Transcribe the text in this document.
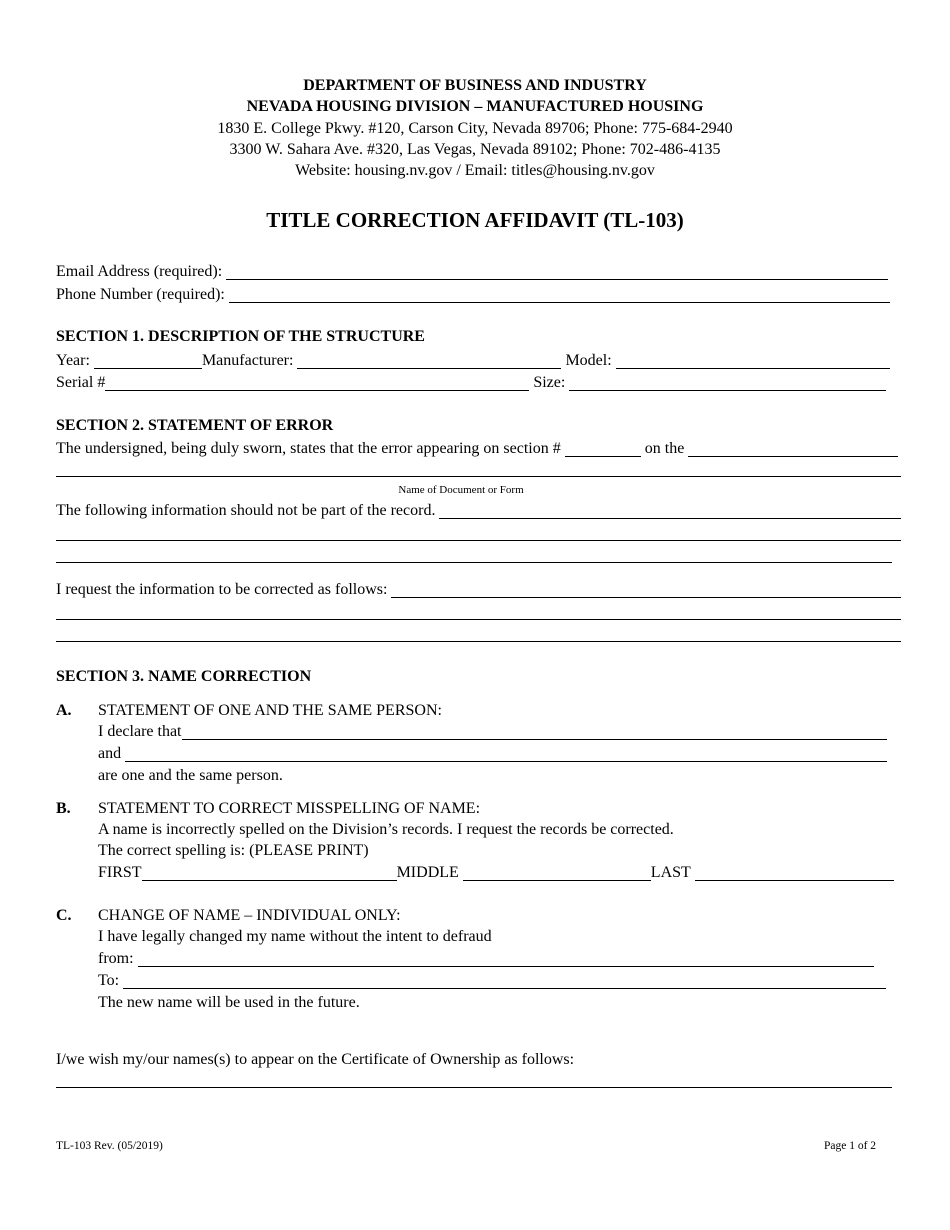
DEPARTMENT OF BUSINESS AND INDUSTRY
NEVADA HOUSING DIVISION – MANUFACTURED HOUSING
1830 E. College Pkwy. #120, Carson City, Nevada 89706; Phone: 775-684-2940
3300 W. Sahara Ave. #320, Las Vegas, Nevada 89102; Phone: 702-486-4135
Website: housing.nv.gov / Email: titles@housing.nv.gov
TITLE CORRECTION AFFIDAVIT (TL-103)
Email Address (required):
Phone Number (required):
SECTION 1. DESCRIPTION OF THE STRUCTURE
Year:	Manufacturer:	Model:
Serial #	Size:
SECTION 2. STATEMENT OF ERROR
The undersigned, being duly sworn, states that the error appearing on section #	on the
Name of Document or Form
The following information should not be part of the record.
I request the information to be corrected as follows:
SECTION 3. NAME CORRECTION
A. STATEMENT OF ONE AND THE SAME PERSON:
I declare that
and
are one and the same person.
B. STATEMENT TO CORRECT MISSPELLING OF NAME:
A name is incorrectly spelled on the Division’s records. I request the records be corrected.
The correct spelling is: (PLEASE PRINT)
FIRST	MIDDLE	LAST
C. CHANGE OF NAME – INDIVIDUAL ONLY:
I have legally changed my name without the intent to defraud
from:
To:
The new name will be used in the future.
I/we wish my/our names(s) to appear on the Certificate of Ownership as follows:
TL-103 Rev. (05/2019)	Page 1 of 2
